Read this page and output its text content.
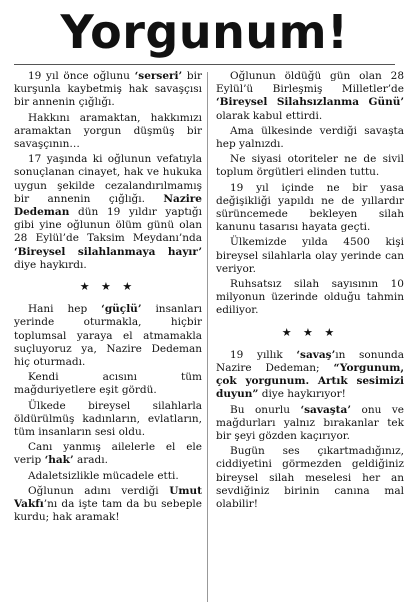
Yorgunum!

19 yıl önce oğlunu ‘serseri’ bir kurşunla kaybetmiş hak savaşçısı bir annenin çığlığı.

Hakkını aramaktan, hakkımızı aramaktan yorgun düşmüş bir savaşçının…

17 yaşında ki oğlunun vefatıyla sonuçlanan cinayet, hak ve hukuka uygun şekilde cezalandırılmamış bir annenin çığlığı. Nazire Dedeman dün 19 yıldır yaptığı gibi yine oğlunun ölüm günü olan 28 Eylül’de Taksim Meydanı’nda ‘Bireysel silahlanmaya hayır’ diye haykırdı.

★ ★ ★

Hani hep ‘güçlü’ insanları yerinde oturmakla, hiçbir toplumsal yaraya el atmamakla suçluyoruz ya, Nazire Dedeman hiç oturmadı.

Kendi acısını tüm mağduriyetlere eşit gördü.

Ülkede bireysel silahlarla öldürülmüş kadınların, evlatların, tüm insanların sesi oldu.

Canı yanmış ailelerle el ele verip ‘hak’ aradı.

Adaletsizlikle mücadele etti.

Oğlunun adını verdiği Umut Vakfı’nı da işte tam da bu sebeple kurdu; hak aramak!

Oğlunun öldüğü gün olan 28 Eylül’ü Birleşmiş Milletler’de ‘Bireysel Silahsızlanma Günü’ olarak kabul ettirdi.

Ama ülkesinde verdiği savaşta hep yalnızdı.

Ne siyasi otoriteler ne de sivil toplum örgütleri elinden tuttu.

19 yıl içinde ne bir yasa değişikliği yapıldı ne de yıllardır sürüncemede bekleyen silah kanunu tasarısı hayata geçti.

Ülkemizde yılda 4500 kişi bireysel silahlarla olay yerinde can veriyor.

Ruhsatsız silah sayısının 10 milyonun üzerinde olduğu tahmin ediliyor.

★ ★ ★

19 yıllık ‘savaş’ın sonunda Nazire Dedeman; “Yorgunum, çok yorgunum. Artık sesimizi duyun” diye haykırıyor!

Bu onurlu ‘savaşta’ onu ve mağdurları yalnız bırakanlar tek bir şeyi gözden kaçırıyor.

Bugün ses çıkartmadığınız, ciddiyetini görmezden geldiğiniz bireysel silah meselesi her an sevdiğiniz birinin canına mal olabilir!
